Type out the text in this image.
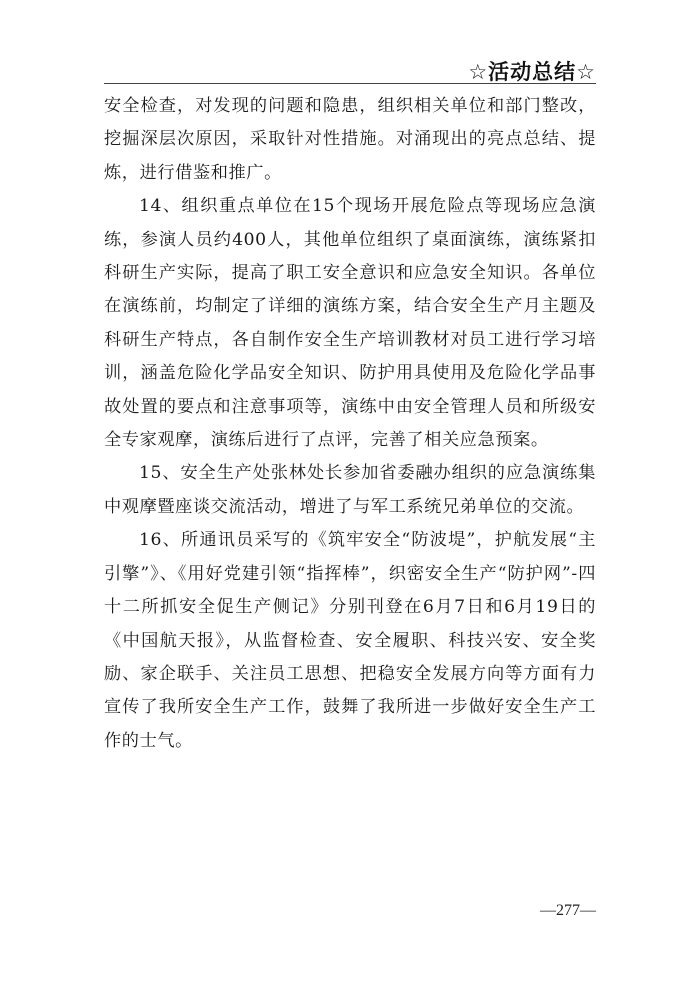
☆活动总结☆

安全检查，对发现的问题和隐患，组织相关单位和部门整改，挖掘深层次原因，采取针对性措施。对涌现出的亮点总结、提炼，进行借鉴和推广。

14、组织重点单位在15个现场开展危险点等现场应急演练，参演人员约400人，其他单位组织了桌面演练，演练紧扣科研生产实际，提高了职工安全意识和应急安全知识。各单位在演练前，均制定了详细的演练方案，结合安全生产月主题及科研生产特点，各自制作安全生产培训教材对员工进行学习培训，涵盖危险化学品安全知识、防护用具使用及危险化学品事故处置的要点和注意事项等，演练中由安全管理人员和所级安全专家观摩，演练后进行了点评，完善了相关应急预案。

15、安全生产处张林处长参加省委融办组织的应急演练集中观摩暨座谈交流活动，增进了与军工系统兄弟单位的交流。

16、所通讯员采写的《筑牢安全“防波堤”，护航发展“主引擎”》、《用好党建引领“指挥棒”，织密安全生产“防护网”-四十二所抓安全促生产侧记》分别刊登在6月7日和6月19日的《中国航天报》，从监督检查、安全履职、科技兴安、安全奖励、家企联手、关注员工思想、把稳安全发展方向等方面有力宣传了我所安全生产工作，鼓舞了我所进一步做好安全生产工作的士气。

—277—
